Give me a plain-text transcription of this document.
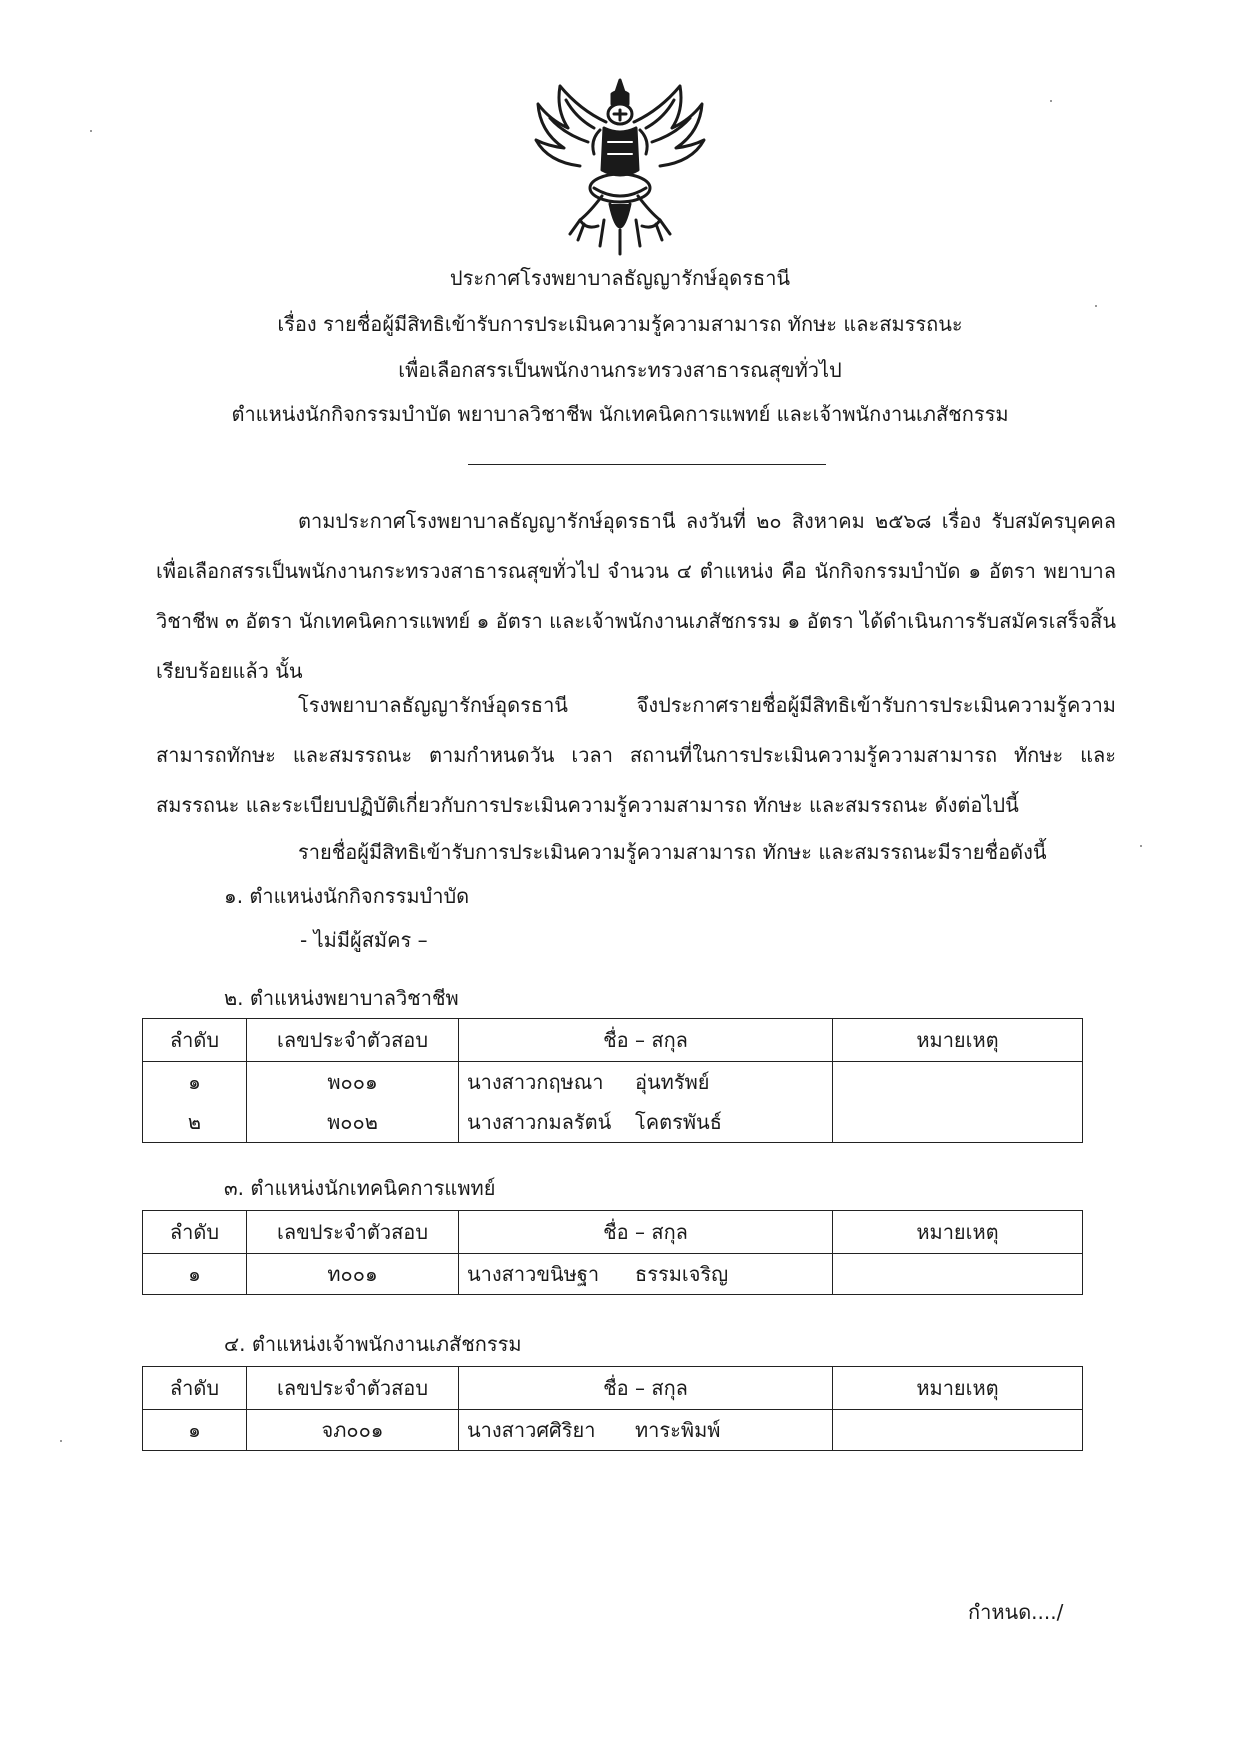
ประกาศโรงพยาบาลธัญญารักษ์อุดรธานี
เรื่อง รายชื่อผู้มีสิทธิเข้ารับการประเมินความรู้ความสามารถ ทักษะ และสมรรถนะ
เพื่อเลือกสรรเป็นพนักงานกระทรวงสาธารณสุขทั่วไป
ตำแหน่งนักกิจกรรมบำบัด พยาบาลวิชาชีพ นักเทคนิคการแพทย์ และเจ้าพนักงานเภสัชกรรม

ตามประกาศโรงพยาบาลธัญญารักษ์อุดรธานี ลงวันที่ ๒๐ สิงหาคม ๒๕๖๘ เรื่อง รับสมัครบุคคลเพื่อเลือกสรรเป็นพนักงานกระทรวงสาธารณสุขทั่วไป จำนวน ๔ ตำแหน่ง คือ นักกิจกรรมบำบัด ๑ อัตรา พยาบาลวิชาชีพ ๓ อัตรา นักเทคนิคการแพทย์ ๑ อัตรา และเจ้าพนักงานเภสัชกรรม ๑ อัตรา ได้ดำเนินการรับสมัครเสร็จสิ้นเรียบร้อยแล้ว นั้น

โรงพยาบาลธัญญารักษ์อุดรธานี จึงประกาศรายชื่อผู้มีสิทธิเข้ารับการประเมินความรู้ความสามารถทักษะ และสมรรถนะ ตามกำหนดวัน เวลา สถานที่ในการประเมินความรู้ความสามารถ ทักษะ และสมรรถนะ และระเบียบปฏิบัติเกี่ยวกับการประเมินความรู้ความสามารถ ทักษะ และสมรรถนะ ดังต่อไปนี้

รายชื่อผู้มีสิทธิเข้ารับการประเมินความรู้ความสามารถ ทักษะ และสมรรถนะมีรายชื่อดังนี้
๑. ตำแหน่งนักกิจกรรมบำบัด
- ไม่มีผู้สมัคร –
๒. ตำแหน่งพยาบาลวิชาชีพ
ลำดับ	เลขประจำตัวสอบ	ชื่อ – สกุล	หมายเหตุ
๑	พ๐๐๑	นางสาวกฤษณา อุ่นทรัพย์	
๒	พ๐๐๒	นางสาวกมลรัตน์ โคตรพันธ์	
๓. ตำแหน่งนักเทคนิคการแพทย์
ลำดับ	เลขประจำตัวสอบ	ชื่อ – สกุล	หมายเหตุ
๑	ท๐๐๑	นางสาวขนิษฐา ธรรมเจริญ	
๔. ตำแหน่งเจ้าพนักงานเภสัชกรรม
ลำดับ	เลขประจำตัวสอบ	ชื่อ – สกุล	หมายเหตุ
๑	จภ๐๐๑	นางสาวศศิริยา ทาระพิมพ์	
กำหนด..../
